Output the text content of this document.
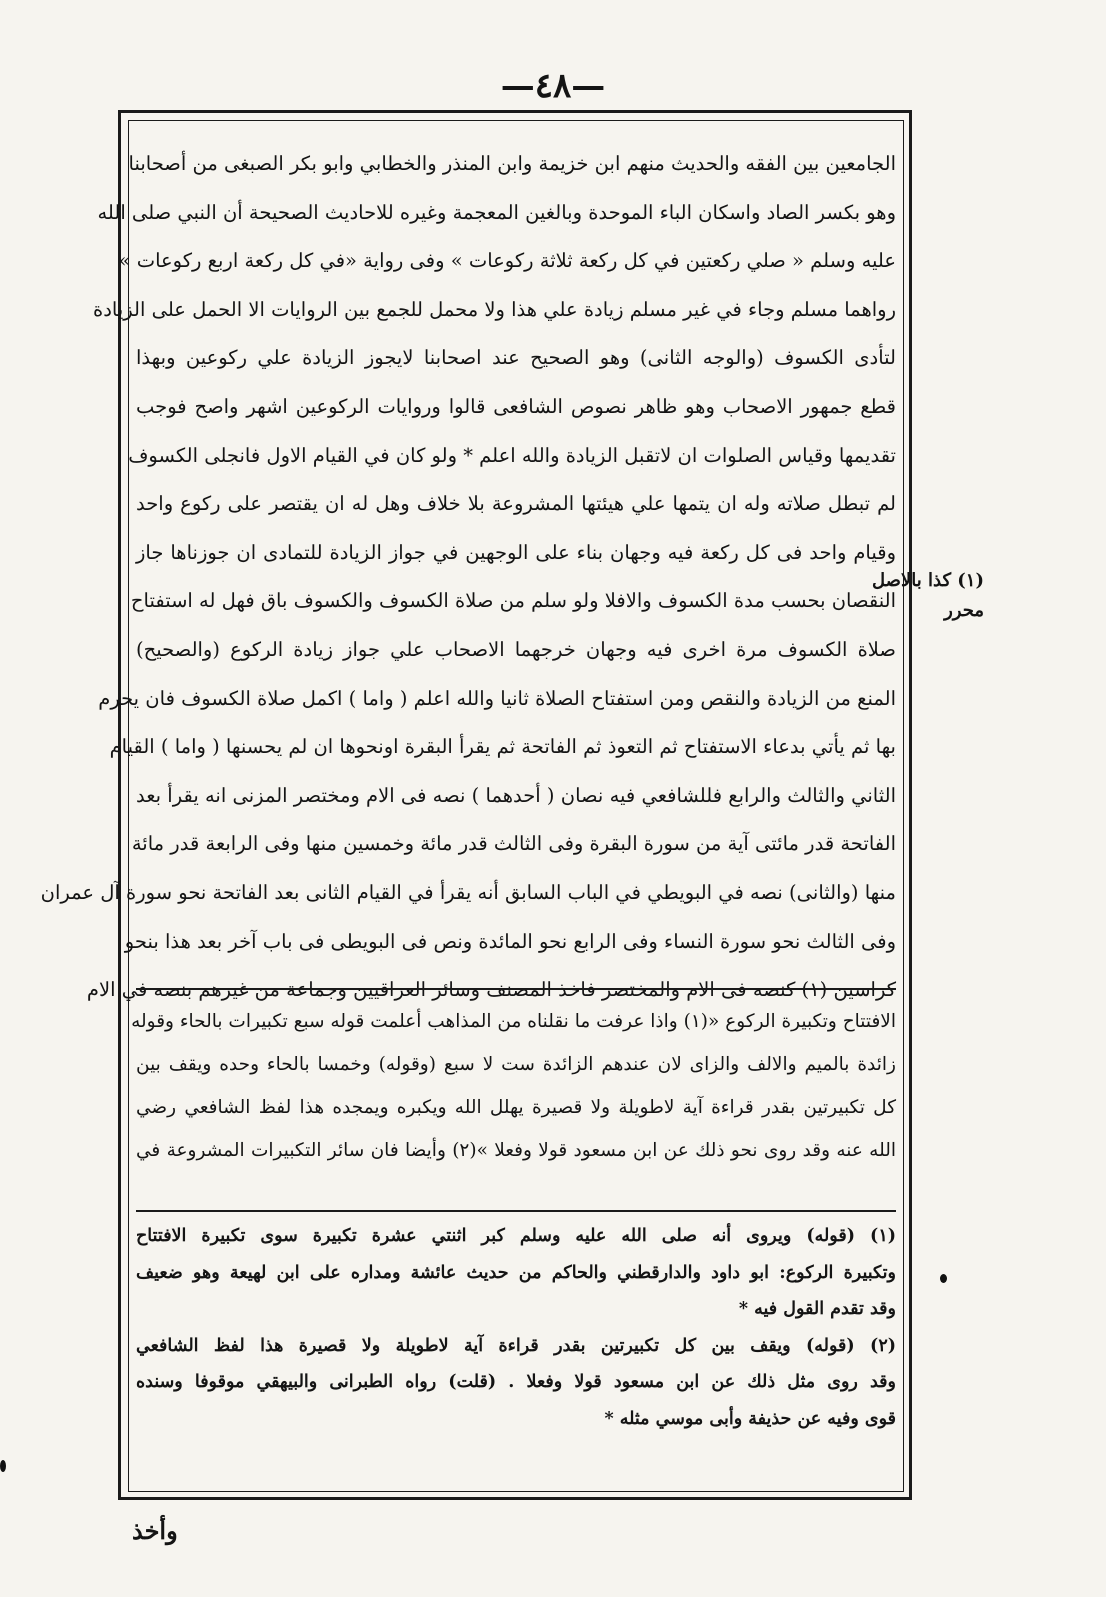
—٤٨—
الجامعين بين الفقه والحديث منهم ابن خزيمة وابن المنذر والخطابي وابو بكر الصبغى من أصحابنا
وهو بكسر الصاد واسكان الباء الموحدة وبالغين المعجمة وغيره للاحاديث الصحيحة أن النبي صلى الله
عليه وسلم « صلي ركعتين في كل ركعة ثلاثة ركوعات » وفى رواية «في كل ركعة اربع ركوعات »
رواهما مسلم وجاء في غير مسلم زيادة علي هذا ولا محمل للجمع بين الروايات الا الحمل على الزيادة
لتأدى الكسوف (والوجه الثانى) وهو الصحيح عند اصحابنا لايجوز الزيادة علي ركوعين وبهذا
قطع جمهور الاصحاب وهو ظاهر نصوص الشافعى قالوا وروايات الركوعين اشهر واصح فوجب
تقديمها وقياس الصلوات ان لاتقبل الزيادة والله اعلم * ولو كان في القيام الاول فانجلى الكسوف
لم تبطل صلاته وله ان يتمها علي هيئتها المشروعة بلا خلاف وهل له ان يقتصر على ركوع واحد
وقيام واحد فى كل ركعة فيه وجهان بناء على الوجهين في جواز الزيادة للتمادى ان جوزناها جاز
النقصان بحسب مدة الكسوف والافلا ولو سلم من صلاة الكسوف والكسوف باق فهل له استفتاح
صلاة الكسوف مرة اخرى فيه وجهان خرجهما الاصحاب علي جواز زيادة الركوع (والصحيح)
المنع من الزيادة والنقص ومن استفتاح الصلاة ثانيا والله اعلم ( واما ) اكمل صلاة الكسوف فان يحرم
بها ثم يأتي بدعاء الاستفتاح ثم التعوذ ثم الفاتحة ثم يقرأ البقرة اونحوها ان لم يحسنها ( واما ) القيام
الثاني والثالث والرابع فللشافعي فيه نصان ( أحدهما ) نصه فى الام ومختصر المزنى انه يقرأ بعد
الفاتحة قدر مائتى آية من سورة البقرة وفى الثالث قدر مائة وخمسين منها وفى الرابعة قدر مائة
منها (والثانى) نصه في البويطي في الباب السابق أنه يقرأ في القيام الثانى بعد الفاتحة نحو سورة آل عمران
وفى الثالث نحو سورة النساء وفى الرابع نحو المائدة ونص فى البويطى فى باب آخر بعد هذا بنحو
كراسين (١) كنصه فى الام والمختصر فاخذ المصنف وسائر العراقيين وجماعة من غيرهم بنصه في الام
الافتتاح وتكبيرة الركوع «(١) واذا عرفت ما نقلناه من المذاهب أعلمت قوله سبع تكبيرات بالحاء وقوله
زائدة بالميم والالف والزاى لان عندهم الزائدة ست لا سبع (وقوله) وخمسا بالحاء وحده ويقف بين
كل تكبيرتين بقدر قراءة آية لاطويلة ولا قصيرة يهلل الله ويكبره ويمجده هذا لفظ الشافعي رضي
الله عنه وقد روى نحو ذلك عن ابن مسعود قولا وفعلا »(٢) وأيضا فان سائر التكبيرات المشروعة في
(١) (قوله) ويروى أنه صلى الله عليه وسلم كبر اثنتي عشرة تكبيرة سوى تكبيرة الافتتاح
وتكبيرة الركوع: ابو داود والدارقطني والحاكم من حديث عائشة ومداره على ابن لهيعة وهو ضعيف
وقد تقدم القول فيه *
(٢) (قوله) ويقف بين كل تكبيرتين بقدر قراءة آية لاطويلة ولا قصيرة هذا لفظ الشافعي
وقد روى مثل ذلك عن ابن مسعود قولا وفعلا . (قلت) رواه الطبرانى والبيهقي موقوفا وسنده
قوى وفيه عن حذيفة وأبى موسي مثله *
(١) كذا بالاصل
محرر
وأخذ
